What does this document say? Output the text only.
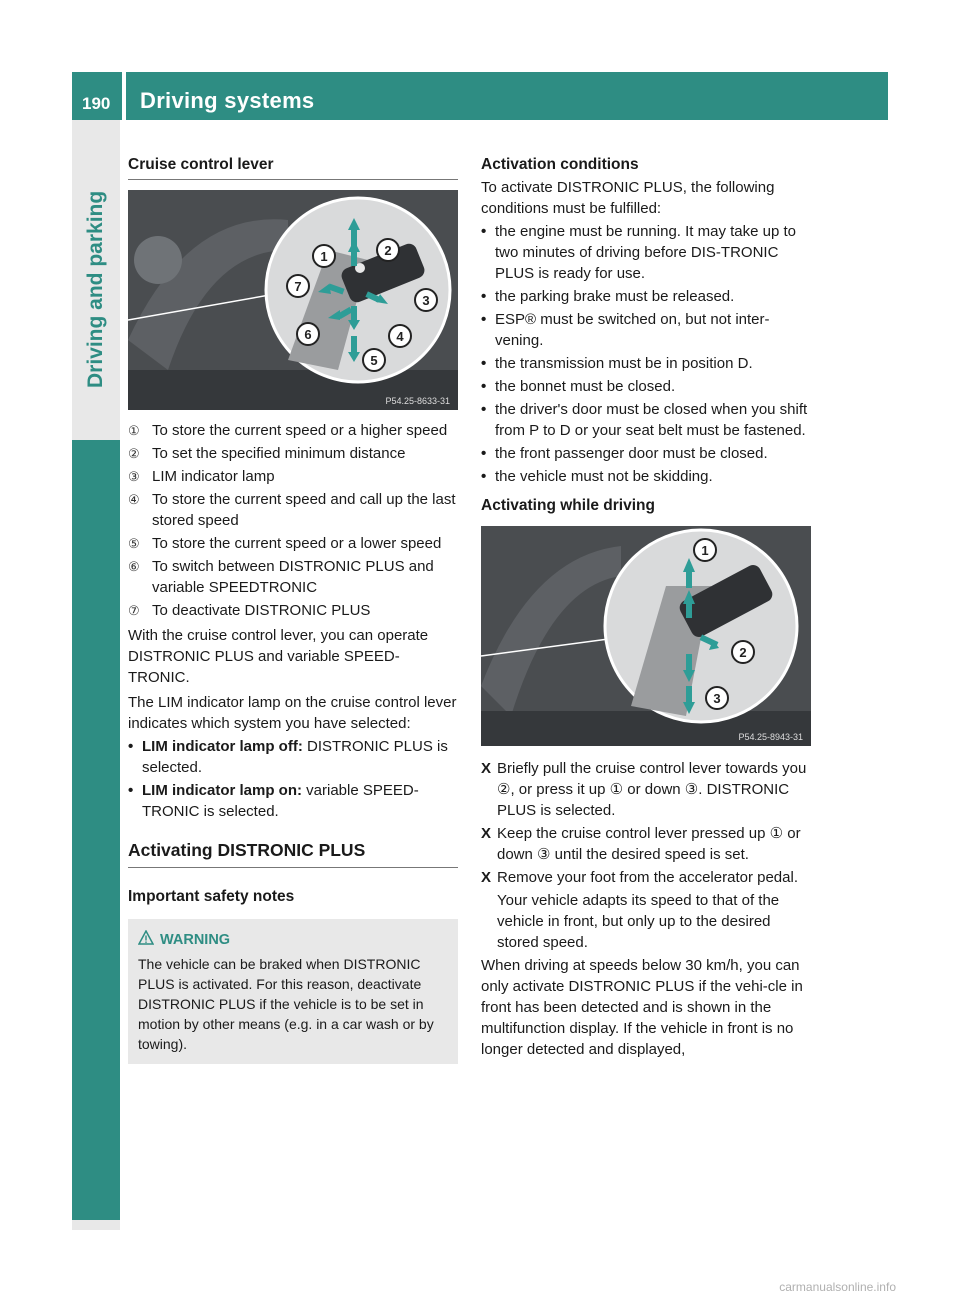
190 Driving systems
Driving and parking

Cruise control lever

1	2
3
4
5
6
7
P54.25-8633-31
① To store the current speed or a higher speed
② To set the specified minimum distance
③ LIM indicator lamp
④ To store the current speed and call up the last stored speed
⑤ To store the current speed or a lower speed
⑥ To switch between DISTRONIC PLUS and variable SPEEDTRONIC
⑦ To deactivate DISTRONIC PLUS

With the cruise control lever, you can operate DISTRONIC PLUS and variable SPEED-TRONIC.

The LIM indicator lamp on the cruise control lever indicates which system you have selected:

• LIM indicator lamp off: DISTRONIC PLUS is selected.
• LIM indicator lamp on: variable SPEED-TRONIC is selected.

Activating DISTRONIC PLUS

Important safety notes

WARNING

The vehicle can be braked when DISTRONIC PLUS is activated. For this reason, deactivate DISTRONIC PLUS if the vehicle is to be set in motion by other means (e.g. in a car wash or by towing).

Activation conditions

To activate DISTRONIC PLUS, the following conditions must be fulfilled:

• the engine must be running. It may take up to two minutes of driving before DIS-TRONIC PLUS is ready for use.
• the parking brake must be released.
• ESP® must be switched on, but not inter-vening.
• the transmission must be in position D.
• the bonnet must be closed.
• the driver's door must be closed when you shift from P to D or your seat belt must be fastened.
• the front passenger door must be closed.
• the vehicle must not be skidding.

Activating while driving

1
2
3
P54.25-8943-31
X Briefly pull the cruise control lever towards you ②, or press it up ① or down ③. DISTRONIC PLUS is selected.
X Keep the cruise control lever pressed up ① or down ③ until the desired speed is set.
X Remove your foot from the accelerator pedal.

Your vehicle adapts its speed to that of the vehicle in front, but only up to the desired stored speed.

When driving at speeds below 30 km/h, you can only activate DISTRONIC PLUS if the vehi-cle in front has been detected and is shown in the multifunction display. If the vehicle in front is no longer detected and displayed,

carmanualsonline.info
